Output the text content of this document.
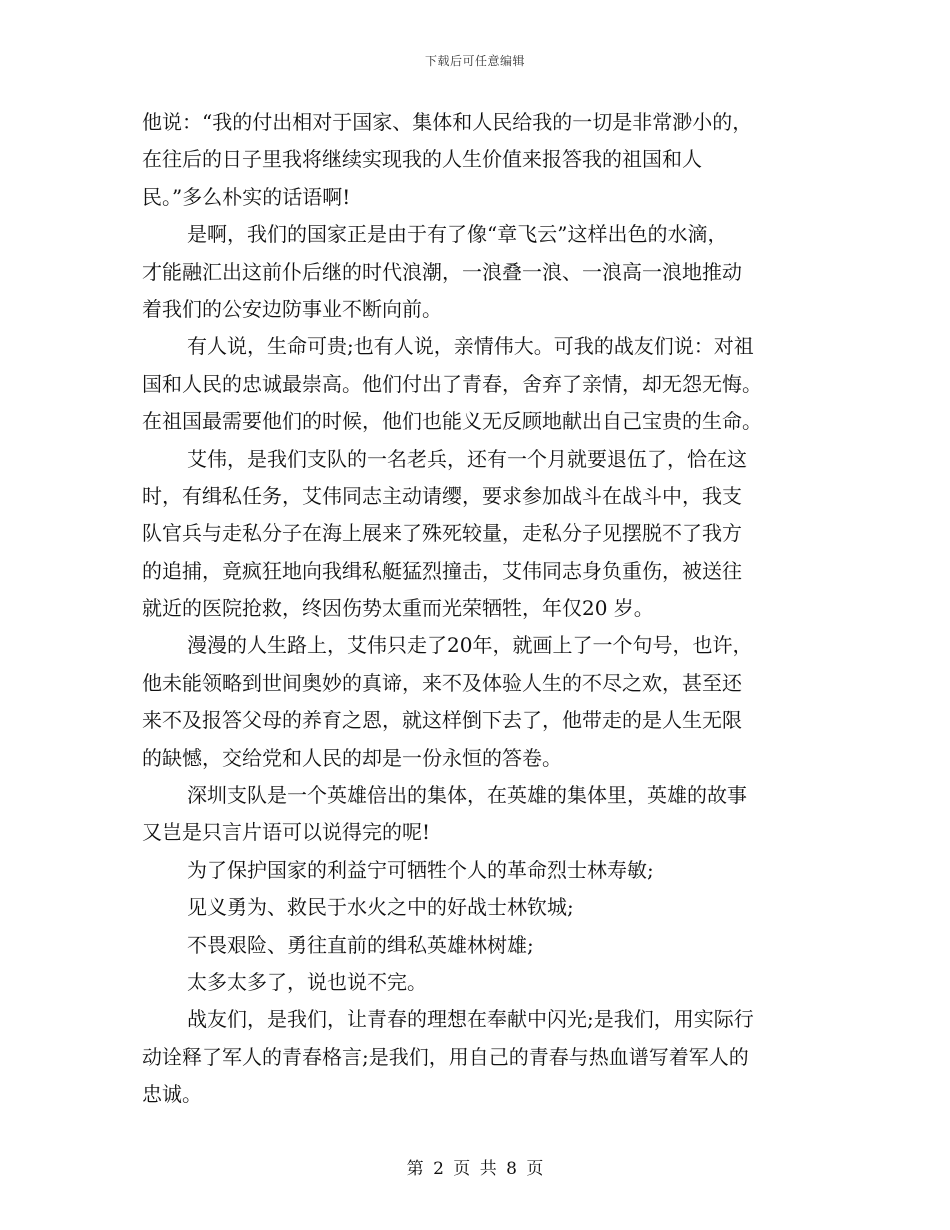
下载后可任意编辑
他说：“我的付出相对于国家、集体和人民给我的一切是非常渺小的，
在往后的日子里我将继续实现我的人生价值来报答我的祖国和人
民。”多么朴实的话语啊!
是啊，我们的国家正是由于有了像“章飞云”这样出色的水滴，
才能融汇出这前仆后继的时代浪潮，一浪叠一浪、一浪高一浪地推动
着我们的公安边防事业不断向前。
有人说，生命可贵;也有人说，亲情伟大。可我的战友们说：对祖
国和人民的忠诚最崇高。他们付出了青春，舍弃了亲情，却无怨无悔。
在祖国最需要他们的时候，他们也能义无反顾地献出自己宝贵的生命。
艾伟，是我们支队的一名老兵，还有一个月就要退伍了，恰在这
时，有缉私任务，艾伟同志主动请缨，要求参加战斗在战斗中，我支
队官兵与走私分子在海上展来了殊死较量，走私分子见摆脱不了我方
的追捕，竟疯狂地向我缉私艇猛烈撞击，艾伟同志身负重伤，被送往
就近的医院抢救，终因伤势太重而光荣牺牲，年仅20 岁。
漫漫的人生路上，艾伟只走了20年，就画上了一个句号，也许，
他未能领略到世间奥妙的真谛，来不及体验人生的不尽之欢，甚至还
来不及报答父母的养育之恩，就这样倒下去了，他带走的是人生无限
的缺憾，交给党和人民的却是一份永恒的答卷。
深圳支队是一个英雄倍出的集体，在英雄的集体里，英雄的故事
又岂是只言片语可以说得完的呢!
为了保护国家的利益宁可牺牲个人的革命烈士林寿敏;
见义勇为、救民于水火之中的好战士林钦城;
不畏艰险、勇往直前的缉私英雄林树雄;
太多太多了，说也说不完。
战友们，是我们，让青春的理想在奉献中闪光;是我们，用实际行
动诠释了军人的青春格言;是我们，用自己的青春与热血谱写着军人的
忠诚。
第 2 页 共 8 页
